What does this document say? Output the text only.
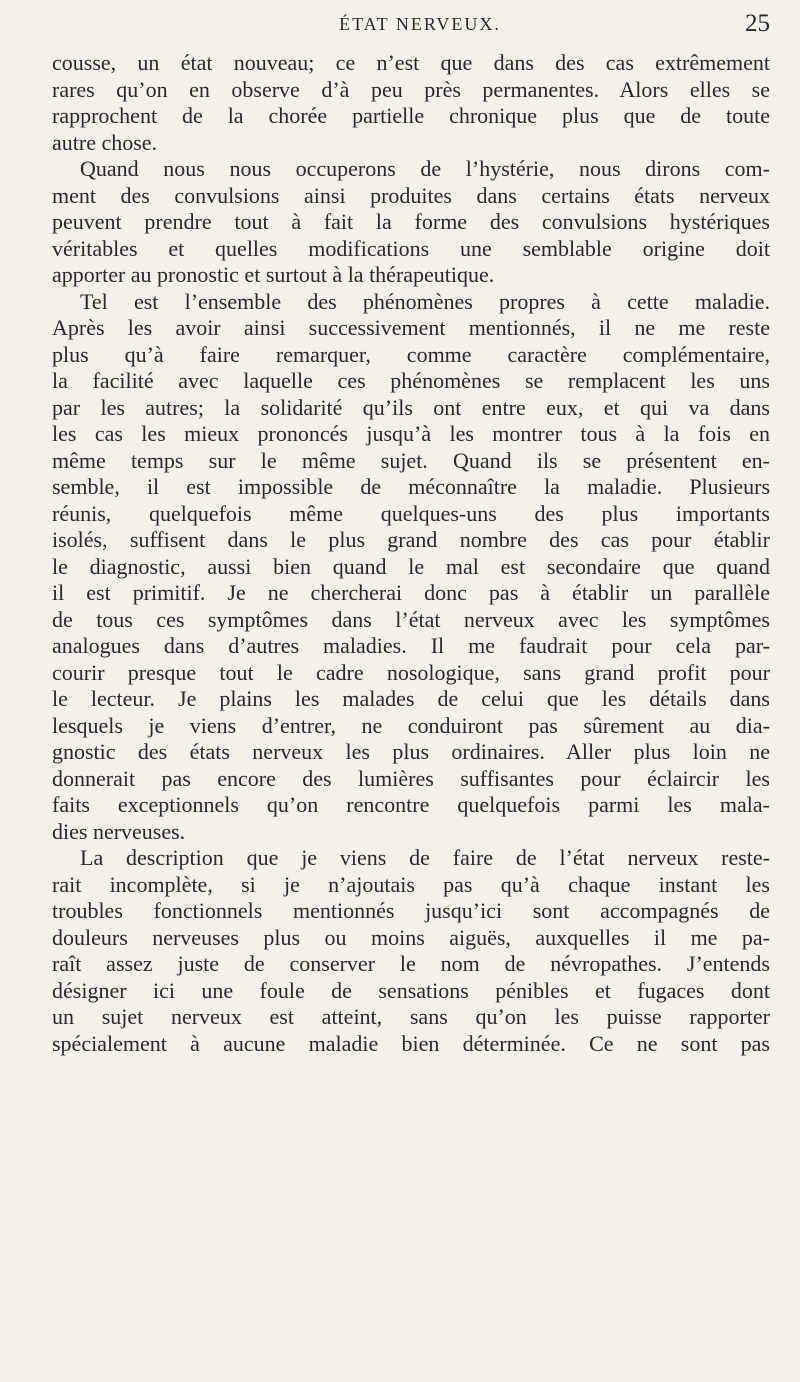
ÉTAT NERVEUX.	25
cousse, un état nouveau; ce n’est que dans des cas extrêmement
rares qu’on en observe d’à peu près permanentes. Alors elles se
rapprochent de la chorée partielle chronique plus que de toute
autre chose.
Quand nous nous occuperons de l’hystérie, nous dirons com-
ment des convulsions ainsi produites dans certains états nerveux
peuvent prendre tout à fait la forme des convulsions hystériques
véritables et quelles modifications une semblable origine doit
apporter au pronostic et surtout à la thérapeutique.
Tel est l’ensemble des phénomènes propres à cette maladie.
Après les avoir ainsi successivement mentionnés, il ne me reste
plus qu’à faire remarquer, comme caractère complémentaire,
la facilité avec laquelle ces phénomènes se remplacent les uns
par les autres; la solidarité qu’ils ont entre eux, et qui va dans
les cas les mieux prononcés jusqu’à les montrer tous à la fois en
même temps sur le même sujet. Quand ils se présentent en-
semble, il est impossible de méconnaître la maladie. Plusieurs
réunis, quelquefois même quelques-uns des plus importants
isolés, suffisent dans le plus grand nombre des cas pour établir
le diagnostic, aussi bien quand le mal est secondaire que quand
il est primitif. Je ne chercherai donc pas à établir un parallèle
de tous ces symptômes dans l’état nerveux avec les symptômes
analogues dans d’autres maladies. Il me faudrait pour cela par-
courir presque tout le cadre nosologique, sans grand profit pour
le lecteur. Je plains les malades de celui que les détails dans
lesquels je viens d’entrer, ne conduiront pas sûrement au dia-
gnostic des états nerveux les plus ordinaires. Aller plus loin ne
donnerait pas encore des lumières suffisantes pour éclaircir les
faits exceptionnels qu’on rencontre quelquefois parmi les mala-
dies nerveuses.
La description que je viens de faire de l’état nerveux reste-
rait incomplète, si je n’ajoutais pas qu’à chaque instant les
troubles fonctionnels mentionnés jusqu’ici sont accompagnés de
douleurs nerveuses plus ou moins aiguës, auxquelles il me pa-
raît assez juste de conserver le nom de névropathes. J’entends
désigner ici une foule de sensations pénibles et fugaces dont
un sujet nerveux est atteint, sans qu’on les puisse rapporter
spécialement à aucune maladie bien déterminée. Ce ne sont pas
